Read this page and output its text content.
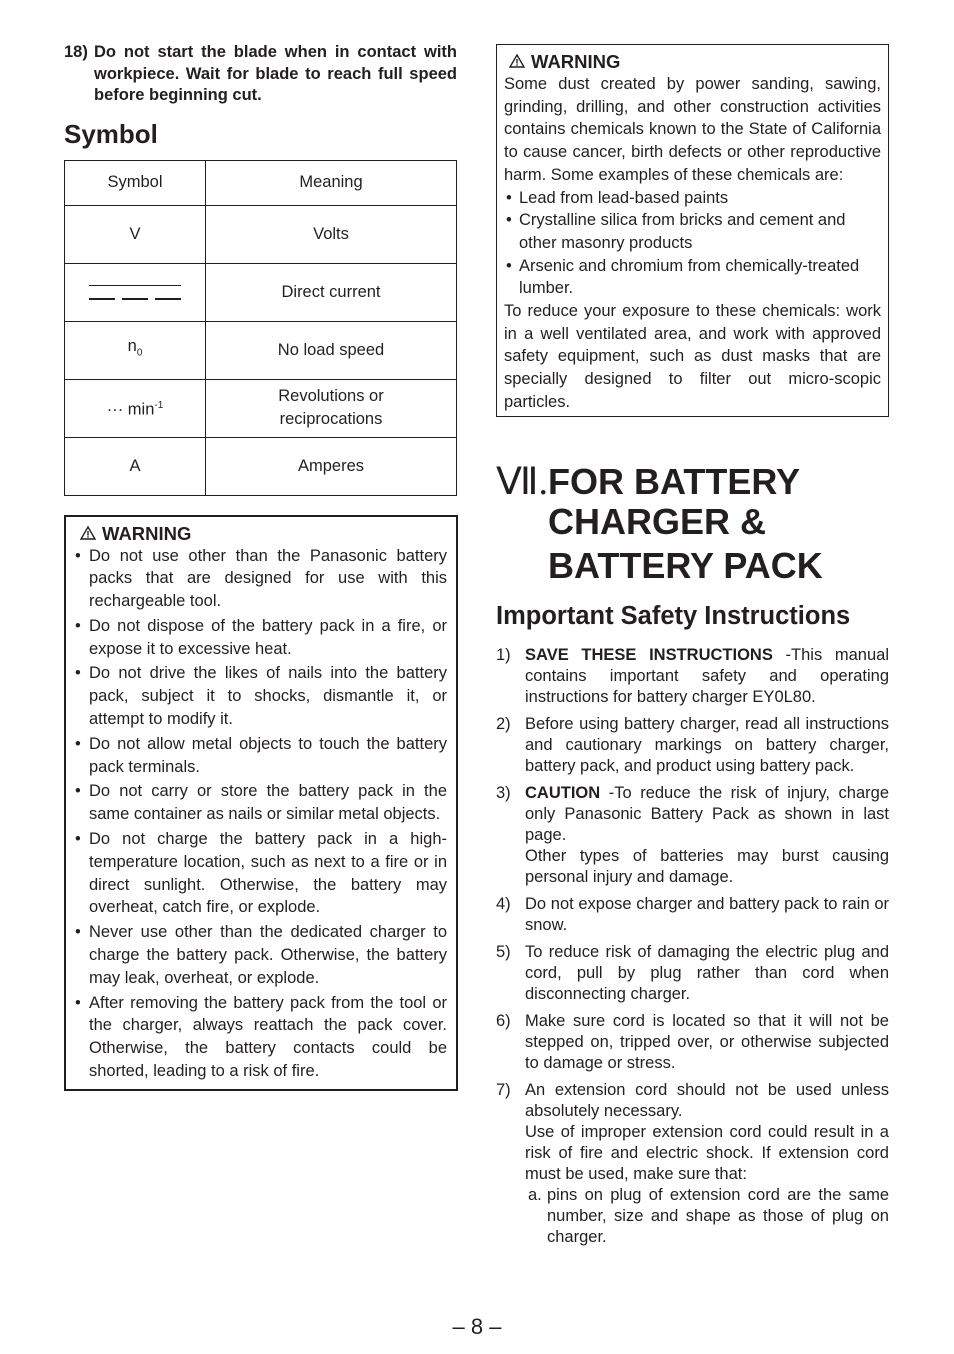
18) Do not start the blade when in contact with workpiece. Wait for blade to reach full speed before beginning cut.
Symbol
Symbol	Meaning
V	Volts

	Direct current
$n_0$	No load speed
··· $\min^{-1}$	Revolutions or
reciprocations
A	Amperes
WARNING
• Do not use other than the Panasonic battery packs that are designed for use with this rechargeable tool.
• Do not dispose of the battery pack in a fire, or expose it to excessive heat.
• Do not drive the likes of nails into the battery pack, subject it to shocks, dismantle it, or attempt to modify it.
• Do not allow metal objects to touch the battery pack terminals.
• Do not carry or store the battery pack in the same container as nails or similar metal objects.
• Do not charge the battery pack in a high-temperature location, such as next to a fire or in direct sunlight. Otherwise, the battery may overheat, catch fire, or explode.
• Never use other than the dedicated charger to charge the battery pack. Otherwise, the battery may leak, overheat, or explode.
• After removing the battery pack from the tool or the charger, always reattach the pack cover. Otherwise, the battery contacts could be shorted, leading to a risk of fire.
WARNING
Some dust created by power sanding, sawing, grinding, drilling, and other construction activities contains chemicals known to the State of California to cause cancer, birth defects or other reproductive harm. Some examples of these chemicals are:
• Lead from lead-based paints
• Crystalline silica from bricks and cement and other masonry products
• Arsenic and chromium from chemically-treated lumber.
To reduce your exposure to these chemicals: work in a well ventilated area, and work with approved safety equipment, such as dust masks that are specially designed to filter out micro-scopic particles.
Ⅶ. FOR BATTERY
CHARGER &
BATTERY PACK
Important Safety Instructions
1) SAVE THESE INSTRUCTIONS -This manual contains important safety and operating instructions for battery charger EY0L80.
2) Before using battery charger, read all instructions and cautionary markings on battery charger, battery pack, and product using battery pack.
3) CAUTION -To reduce the risk of injury, charge only Panasonic Battery Pack as shown in last page.

Other types of batteries may burst causing personal injury and damage.

4) Do not expose charger and battery pack to rain or snow.
5) To reduce risk of damaging the electric plug and cord, pull by plug rather than cord when disconnecting charger.
6) Make sure cord is located so that it will not be stepped on, tripped over, or otherwise subjected to damage or stress.
7) An extension cord should not be used unless absolutely necessary.

Use of improper extension cord could result in a risk of fire and electric shock. If extension cord must be used, make sure that:

a. pins on plug of extension cord are the same number, size and shape as those of plug on charger.
– 8 –
